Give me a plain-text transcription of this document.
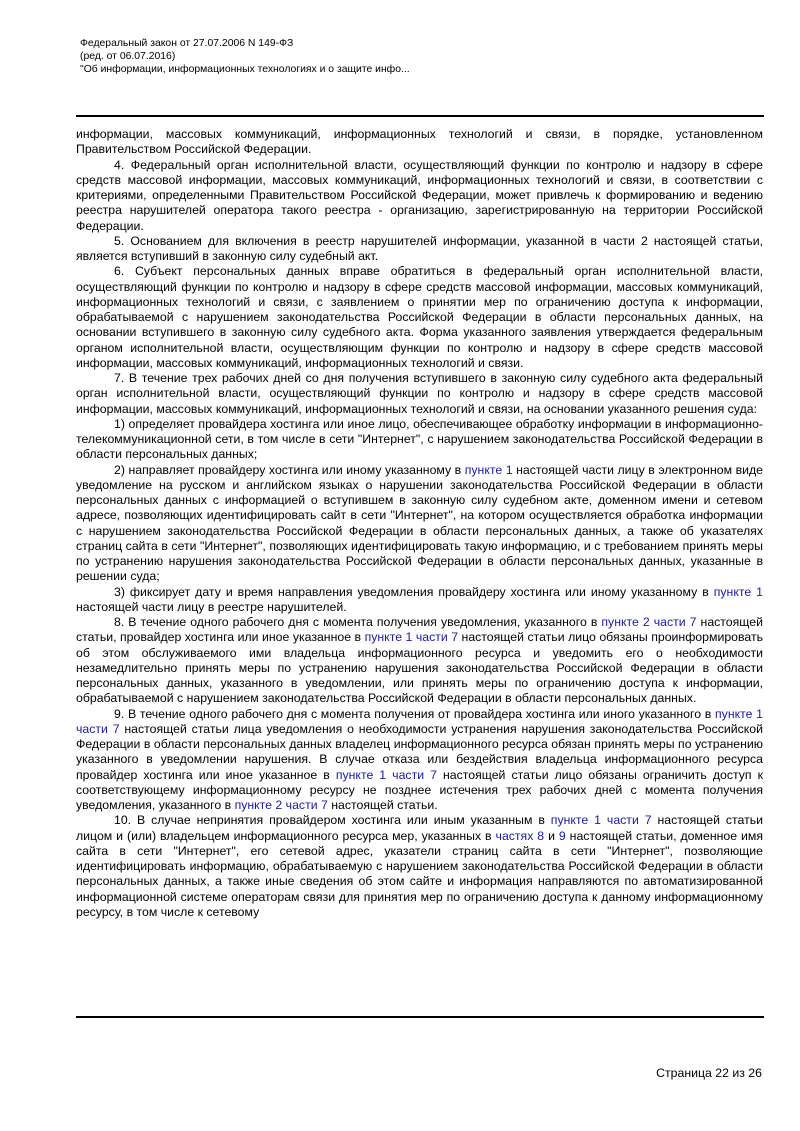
Федеральный закон от 27.07.2006 N 149-ФЗ
(ред. от 06.07.2016)
"Об информации, информационных технологиях и о защите инфо...

информации, массовых коммуникаций, информационных технологий и связи, в порядке, установленном Правительством Российской Федерации.

4. Федеральный орган исполнительной власти, осуществляющий функции по контролю и надзору в сфере средств массовой информации, массовых коммуникаций, информационных технологий и связи, в соответствии с критериями, определенными Правительством Российской Федерации, может привлечь к формированию и ведению реестра нарушителей оператора такого реестра - организацию, зарегистрированную на территории Российской Федерации.

5. Основанием для включения в реестр нарушителей информации, указанной в части 2 настоящей статьи, является вступивший в законную силу судебный акт.

6. Субъект персональных данных вправе обратиться в федеральный орган исполнительной власти, осуществляющий функции по контролю и надзору в сфере средств массовой информации, массовых коммуникаций, информационных технологий и связи, с заявлением о принятии мер по ограничению доступа к информации, обрабатываемой с нарушением законодательства Российской Федерации в области персональных данных, на основании вступившего в законную силу судебного акта. Форма указанного заявления утверждается федеральным органом исполнительной власти, осуществляющим функции по контролю и надзору в сфере средств массовой информации, массовых коммуникаций, информационных технологий и связи.

7. В течение трех рабочих дней со дня получения вступившего в законную силу судебного акта федеральный орган исполнительной власти, осуществляющий функции по контролю и надзору в сфере средств массовой информации, массовых коммуникаций, информационных технологий и связи, на основании указанного решения суда:

1) определяет провайдера хостинга или иное лицо, обеспечивающее обработку информации в информационно-телекоммуникационной сети, в том числе в сети "Интернет", с нарушением законодательства Российской Федерации в области персональных данных;

2) направляет провайдеру хостинга или иному указанному в пункте 1 настоящей части лицу в электронном виде уведомление на русском и английском языках о нарушении законодательства Российской Федерации в области персональных данных с информацией о вступившем в законную силу судебном акте, доменном имени и сетевом адресе, позволяющих идентифицировать сайт в сети "Интернет", на котором осуществляется обработка информации с нарушением законодательства Российской Федерации в области персональных данных, а также об указателях страниц сайта в сети "Интернет", позволяющих идентифицировать такую информацию, и с требованием принять меры по устранению нарушения законодательства Российской Федерации в области персональных данных, указанные в решении суда;

3) фиксирует дату и время направления уведомления провайдеру хостинга или иному указанному в пункте 1 настоящей части лицу в реестре нарушителей.

8. В течение одного рабочего дня с момента получения уведомления, указанного в пункте 2 части 7 настоящей статьи, провайдер хостинга или иное указанное в пункте 1 части 7 настоящей статьи лицо обязаны проинформировать об этом обслуживаемого ими владельца информационного ресурса и уведомить его о необходимости незамедлительно принять меры по устранению нарушения законодательства Российской Федерации в области персональных данных, указанного в уведомлении, или принять меры по ограничению доступа к информации, обрабатываемой с нарушением законодательства Российской Федерации в области персональных данных.

9. В течение одного рабочего дня с момента получения от провайдера хостинга или иного указанного в пункте 1 части 7 настоящей статьи лица уведомления о необходимости устранения нарушения законодательства Российской Федерации в области персональных данных владелец информационного ресурса обязан принять меры по устранению указанного в уведомлении нарушения. В случае отказа или бездействия владельца информационного ресурса провайдер хостинга или иное указанное в пункте 1 части 7 настоящей статьи лицо обязаны ограничить доступ к соответствующему информационному ресурсу не позднее истечения трех рабочих дней с момента получения уведомления, указанного в пункте 2 части 7 настоящей статьи.

10. В случае непринятия провайдером хостинга или иным указанным в пункте 1 части 7 настоящей статьи лицом и (или) владельцем информационного ресурса мер, указанных в частях 8 и 9 настоящей статьи, доменное имя сайта в сети "Интернет", его сетевой адрес, указатели страниц сайта в сети "Интернет", позволяющие идентифицировать информацию, обрабатываемую с нарушением законодательства Российской Федерации в области персональных данных, а также иные сведения об этом сайте и информация направляются по автоматизированной информационной системе операторам связи для принятия мер по ограничению доступа к данному информационному ресурсу, в том числе к сетевому

Страница 22 из 26
